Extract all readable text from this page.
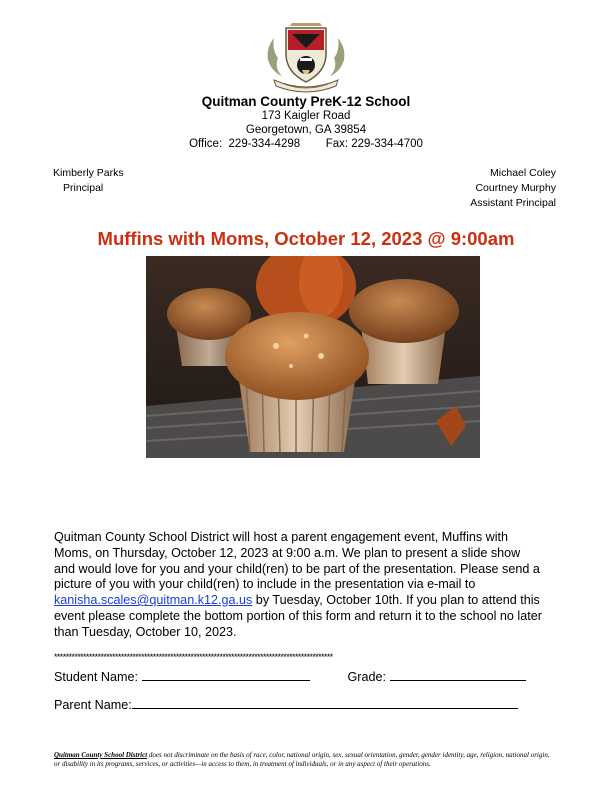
Quitman County PreK-12 School
173 Kaigler Road
Georgetown, GA 39854
Office:  229-334-4298 Fax: 229-334-4700
Kimberly Parks
Principal
Michael Coley
Courtney Murphy
Assistant Principal
Muffins with Moms, October 12, 2023 @ 9:00am
Quitman County School District will host a parent engagement event, Muffins with Moms, on Thursday, October 12, 2023 at 9:00 a.m. We plan to present a slide show and would love for you and your child(ren) to be part of the presentation. Please send a picture of you with your child(ren) to include in the presentation via e-mail to kanisha.scales@quitman.k12.ga.us by Tuesday, October 10th. If you plan to attend this event please complete the bottom portion of this form and return it to the school no later than Tuesday, October 10, 2023.
************************************************************************************************
Student Name:	Grade:
Parent Name:
Quitman County School District does not discriminate on the basis of race, color, national origin, sex, sexual orientation, gender, gender identity, age, religion, national origin, or disability in its programs, services, or activities—in access to them, in treatment of individuals, or in any aspect of their operations.
